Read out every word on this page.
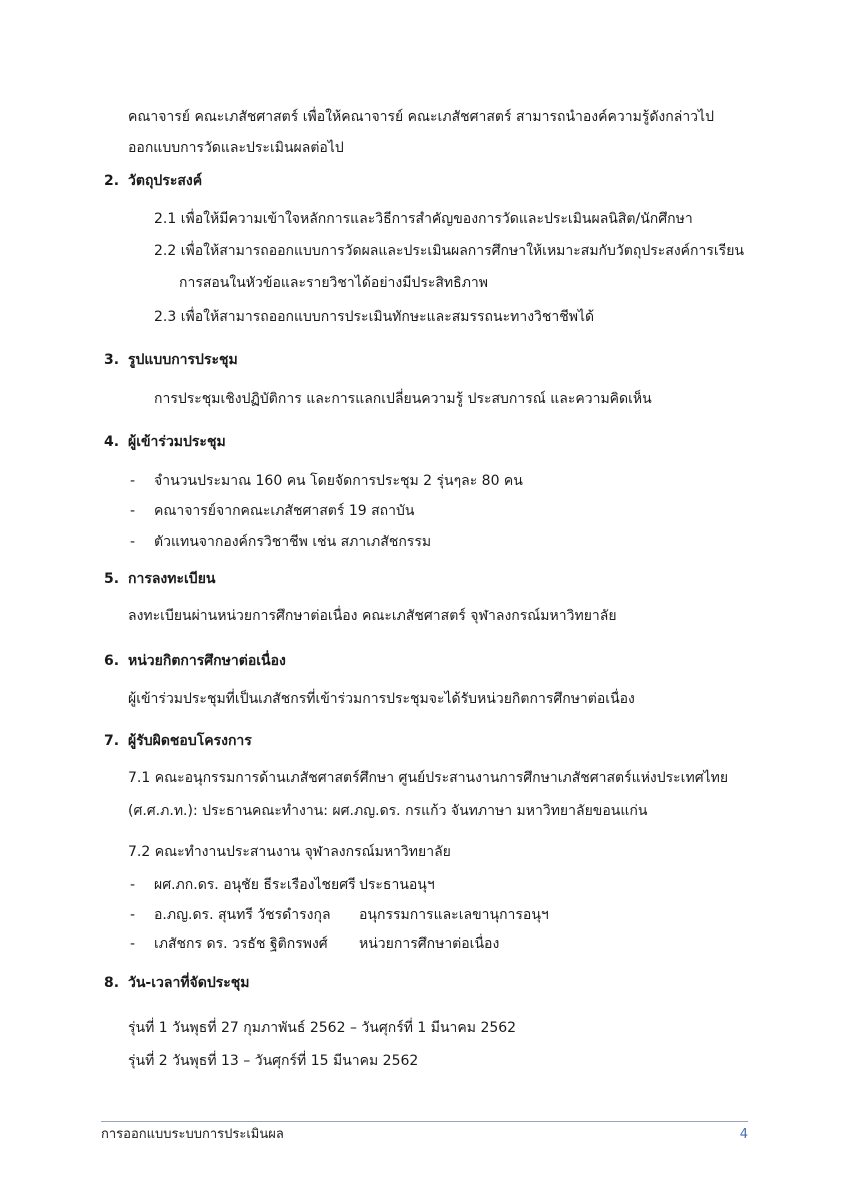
คณาจารย์ คณะเภสัชศาสตร์ เพื่อให้คณาจารย์ คณะเภสัชศาสตร์ สามารถนำองค์ความรู้ดังกล่าวไป
ออกแบบการวัดและประเมินผลต่อไป
2. วัตถุประสงค์
2.1 เพื่อให้มีความเข้าใจหลักการและวิธีการสำคัญของการวัดและประเมินผลนิสิต/นักศึกษา
2.2 เพื่อให้สามารถออกแบบการวัดผลและประเมินผลการศึกษาให้เหมาะสมกับวัตถุประสงค์การเรียน
การสอนในหัวข้อและรายวิชาได้อย่างมีประสิทธิภาพ
2.3 เพื่อให้สามารถออกแบบการประเมินทักษะและสมรรถนะทางวิชาชีพได้
3. รูปแบบการประชุม
การประชุมเชิงปฏิบัติการ และการแลกเปลี่ยนความรู้ ประสบการณ์ และความคิดเห็น
4. ผู้เข้าร่วมประชุม
- จำนวนประมาณ 160 คน โดยจัดการประชุม 2 รุ่นๆละ 80 คน
- คณาจารย์จากคณะเภสัชศาสตร์ 19 สถาบัน
- ตัวแทนจากองค์กรวิชาชีพ เช่น สภาเภสัชกรรม
5. การลงทะเบียน
ลงทะเบียนผ่านหน่วยการศึกษาต่อเนื่อง คณะเภสัชศาสตร์ จุฬาลงกรณ์มหาวิทยาลัย
6. หน่วยกิตการศึกษาต่อเนื่อง
ผู้เข้าร่วมประชุมที่เป็นเภสัชกรที่เข้าร่วมการประชุมจะได้รับหน่วยกิตการศึกษาต่อเนื่อง
7. ผู้รับผิดชอบโครงการ
7.1 คณะอนุกรรมการด้านเภสัชศาสตร์ศึกษา ศูนย์ประสานงานการศึกษาเภสัชศาสตร์แห่งประเทศไทย
(ศ.ศ.ภ.ท.): ประธานคณะทำงาน: ผศ.ภญ.ดร. กรแก้ว จันทภาษา มหาวิทยาลัยขอนแก่น
7.2 คณะทำงานประสานงาน จุฬาลงกรณ์มหาวิทยาลัย
- ผศ.ภก.ดร. อนุชัย ธีระเรืองไชยศรี ประธานอนุฯ
- อ.ภญ.ดร. สุนทรี วัชรดำรงกุล อนุกรรมการและเลขานุการอนุฯ
- เภสัชกร ดร. วรธัช ฐิติกรพงศ์ หน่วยการศึกษาต่อเนื่อง
8. วัน-เวลาที่จัดประชุม
รุ่นที่ 1 วันพุธที่ 27 กุมภาพันธ์ 2562 – วันศุกร์ที่ 1 มีนาคม 2562
รุ่นที่ 2 วันพุธที่ 13 – วันศุกร์ที่ 15 มีนาคม 2562
การออกแบบระบบการประเมินผล	4
